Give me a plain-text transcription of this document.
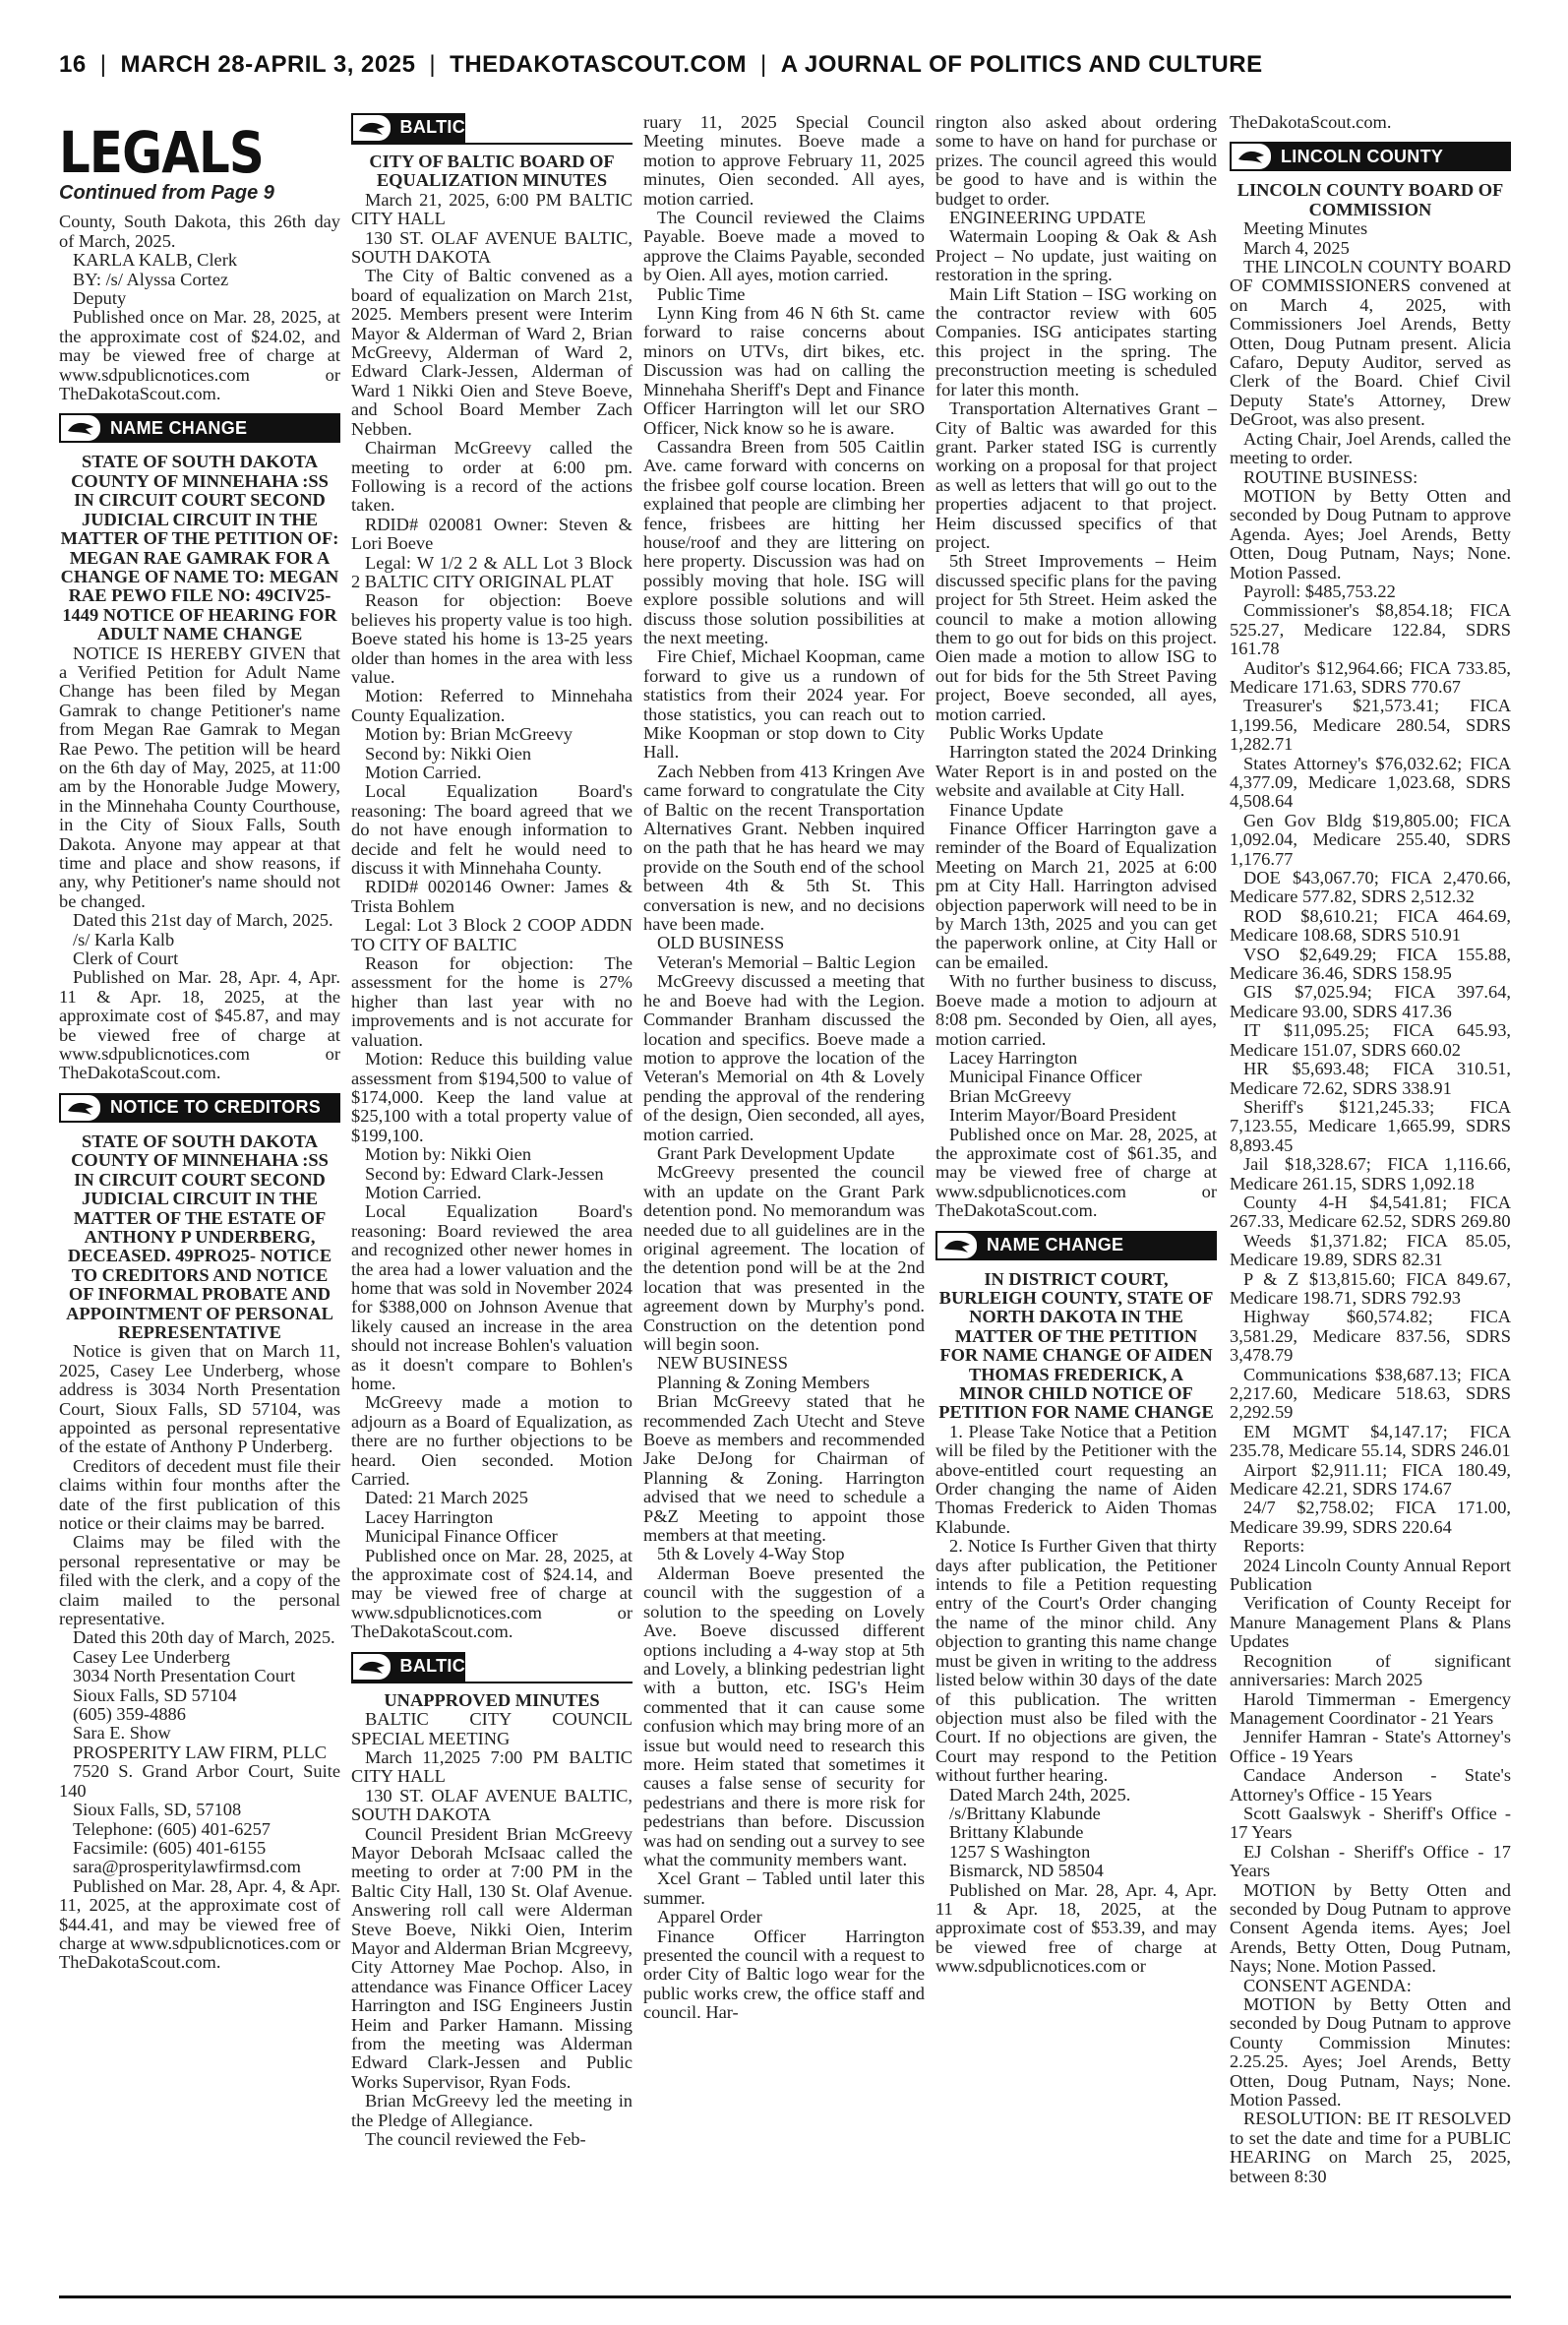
16 | MARCH 28-APRIL 3, 2025 | THEDAKOTASCOUT.COM | A JOURNAL OF POLITICS AND CULTURE
LEGALS
Continued from Page 9

County, South Dakota, this 26th day of March, 2025.

KARLA KALB, Clerk

BY: /s/ Alyssa Cortez

Deputy

Published once on Mar. 28, 2025, at the approximate cost of $24.02, and may be viewed free of charge at www.sdpublicnotices.com or TheDakotaScout.com.

NAME CHANGE

STATE OF SOUTH DAKOTA COUNTY OF MINNEHAHA :SS IN CIRCUIT COURT SECOND JUDICIAL CIRCUIT IN THE MATTER OF THE PETITION OF: MEGAN RAE GAMRAK FOR A CHANGE OF NAME TO: MEGAN RAE PEWO FILE NO: 49CIV25-1449 NOTICE OF HEARING FOR ADULT NAME CHANGE

NOTICE IS HEREBY GIVEN that a Verified Petition for Adult Name Change has been filed by Megan Gamrak to change Petitioner's name from Megan Rae Gamrak to Megan Rae Pewo. The petition will be heard on the 6th day of May, 2025, at 11:00 am by the Honorable Judge Mowery, in the Minnehaha County Courthouse, in the City of Sioux Falls, South Dakota. Anyone may appear at that time and place and show reasons, if any, why Petitioner's name should not be changed.

Dated this 21st day of March, 2025.

/s/ Karla Kalb

Clerk of Court

Published on Mar. 28, Apr. 4, Apr. 11 & Apr. 18, 2025, at the approximate cost of $45.87, and may be viewed free of charge at www.sdpublicnotices.com or TheDakotaScout.com.

NOTICE TO CREDITORS

STATE OF SOUTH DAKOTA COUNTY OF MINNEHAHA :SS IN CIRCUIT COURT SECOND JUDICIAL CIRCUIT IN THE MATTER OF THE ESTATE OF ANTHONY P UNDERBERG, DECEASED. 49PRO25- NOTICE TO CREDITORS AND NOTICE OF INFORMAL PROBATE AND APPOINTMENT OF PERSONAL REPRESENTATIVE

Notice is given that on March 11, 2025, Casey Lee Underberg, whose address is 3034 North Presentation Court, Sioux Falls, SD 57104, was appointed as personal representative of the estate of Anthony P Underberg.

Creditors of decedent must file their claims within four months after the date of the first publication of this notice or their claims may be barred.

Claims may be filed with the personal representative or may be filed with the clerk, and a copy of the claim mailed to the personal representative.

Dated this 20th day of March, 2025.

Casey Lee Underberg

3034 North Presentation Court

Sioux Falls, SD 57104

(605) 359-4886

Sara E. Show

PROSPERITY LAW FIRM, PLLC

7520 S. Grand Arbor Court, Suite 140

Sioux Falls, SD, 57108

Telephone: (605) 401-6257

Facsimile: (605) 401-6155

sara@prosperitylawfirmsd.com

Published on Mar. 28, Apr. 4, & Apr. 11, 2025, at the approximate cost of $44.41, and may be viewed free of charge at www.sdpublicnotices.com or TheDakotaScout.com.

BALTIC

CITY OF BALTIC BOARD OF EQUALIZATION MINUTES

March 21, 2025, 6:00 PM BALTIC CITY HALL

130 ST. OLAF AVENUE BALTIC, SOUTH DAKOTA

The City of Baltic convened as a board of equalization on March 21st, 2025. Members present were Interim Mayor & Alderman of Ward 2, Brian McGreevy, Alderman of Ward 2, Edward Clark-Jessen, Alderman of Ward 1 Nikki Oien and Steve Boeve, and School Board Member Zach Nebben.

Chairman McGreevy called the meeting to order at 6:00 pm. Following is a record of the actions taken.

RDID# 020081 Owner: Steven & Lori Boeve

Legal: W 1/2 2 & ALL Lot 3 Block 2 BALTIC CITY ORIGINAL PLAT

Reason for objection: Boeve believes his property value is too high. Boeve stated his home is 13-25 years older than homes in the area with less value.

Motion: Referred to Minnehaha County Equalization.

Motion by: Brian McGreevy

Second by: Nikki Oien

Motion Carried.

Local Equalization Board's reasoning: The board agreed that we do not have enough information to decide and felt he would need to discuss it with Minnehaha County.

RDID# 0020146 Owner: James & Trista Bohlem

Legal: Lot 3 Block 2 COOP ADDN TO CITY OF BALTIC

Reason for objection: The assessment for the home is 27% higher than last year with no improvements and is not accurate for valuation.

Motion: Reduce this building value assessment from $194,500 to value of $174,000. Keep the land value at $25,100 with a total property value of $199,100.

Motion by: Nikki Oien

Second by: Edward Clark-Jessen

Motion Carried.

Local Equalization Board's reasoning: Board reviewed the area and recognized other newer homes in the area had a lower valuation and the home that was sold in November 2024 for $388,000 on Johnson Avenue that likely caused an increase in the area should not increase Bohlen's valuation as it doesn't compare to Bohlen's home.

McGreevy made a motion to adjourn as a Board of Equalization, as there are no further objections to be heard. Oien seconded. Motion Carried.

Dated: 21 March 2025

Lacey Harrington

Municipal Finance Officer

Published once on Mar. 28, 2025, at the approximate cost of $24.14, and may be viewed free of charge at www.sdpublicnotices.com or TheDakotaScout.com.

BALTIC

UNAPPROVED MINUTES

BALTIC CITY COUNCIL SPECIAL MEETING

March 11,2025 7:00 PM BALTIC CITY HALL

130 ST. OLAF AVENUE BALTIC, SOUTH DAKOTA

Council President Brian McGreevy Mayor Deborah McIsaac called the meeting to order at 7:00 PM in the Baltic City Hall, 130 St. Olaf Avenue. Answering roll call were Alderman Steve Boeve, Nikki Oien, Interim Mayor and Alderman Brian Mcgreevy, City Attorney Mae Pochop. Also, in attendance was Finance Officer Lacey Harrington and ISG Engineers Justin Heim and Parker Hamann. Missing from the meeting was Alderman Edward Clark-Jessen and Public Works Supervisor, Ryan Fods.

Brian McGreevy led the meeting in the Pledge of Allegiance.

The council reviewed the Feb-

ruary 11, 2025 Special Council Meeting minutes. Boeve made a motion to approve February 11, 2025 minutes, Oien seconded. All ayes, motion carried.

The Council reviewed the Claims Payable. Boeve made a moved to approve the Claims Payable, seconded by Oien. All ayes, motion carried.

Public Time

Lynn King from 46 N 6th St. came forward to raise concerns about minors on UTVs, dirt bikes, etc. Discussion was had on calling the Minnehaha Sheriff's Dept and Finance Officer Harrington will let our SRO Officer, Nick know so he is aware.

Cassandra Breen from 505 Caitlin Ave. came forward with concerns on the frisbee golf course location. Breen explained that people are climbing her fence, frisbees are hitting her house/roof and they are littering on here property. Discussion was had on possibly moving that hole. ISG will explore possible solutions and will discuss those solution possibilities at the next meeting.

Fire Chief, Michael Koopman, came forward to give us a rundown of statistics from their 2024 year. For those statistics, you can reach out to Mike Koopman or stop down to City Hall.

Zach Nebben from 413 Kringen Ave came forward to congratulate the City of Baltic on the recent Transportation Alternatives Grant. Nebben inquired on the path that he has heard we may provide on the South end of the school between 4th & 5th St. This conversation is new, and no decisions have been made.

OLD BUSINESS

Veteran's Memorial – Baltic Legion

McGreevy discussed a meeting that he and Boeve had with the Legion. Commander Branham discussed the location and specifics. Boeve made a motion to approve the location of the Veteran's Memorial on 4th & Lovely pending the approval of the rendering of the design, Oien seconded, all ayes, motion carried.

Grant Park Development Update

McGreevy presented the council with an update on the Grant Park detention pond. No memorandum was needed due to all guidelines are in the original agreement. The location of the detention pond will be at the 2nd location that was presented in the agreement down by Murphy's pond. Construction on the detention pond will begin soon.

NEW BUSINESS

Planning & Zoning Members

Brian McGreevy stated that he recommended Zach Utecht and Steve Boeve as members and recommended Jake DeJong for Chairman of Planning & Zoning. Harrington advised that we need to schedule a P&Z Meeting to appoint those members at that meeting.

5th & Lovely 4-Way Stop

Alderman Boeve presented the council with the suggestion of a solution to the speeding on Lovely Ave. Boeve discussed different options including a 4-way stop at 5th and Lovely, a blinking pedestrian light with a button, etc. ISG's Heim commented that it can cause some confusion which may bring more of an issue but would need to research this more. Heim stated that sometimes it causes a false sense of security for pedestrians and there is more risk for pedestrians than before. Discussion was had on sending out a survey to see what the community members want.

Xcel Grant – Tabled until later this summer.

Apparel Order

Finance Officer Harrington presented the council with a request to order City of Baltic logo wear for the public works crew, the office staff and council. Har-

rington also asked about ordering some to have on hand for purchase or prizes. The council agreed this would be good to have and is within the budget to order.

ENGINEERING UPDATE

Watermain Looping & Oak & Ash Project – No update, just waiting on restoration in the spring.

Main Lift Station – ISG working on the contractor review with 605 Companies. ISG anticipates starting this project in the spring. The preconstruction meeting is scheduled for later this month.

Transportation Alternatives Grant – City of Baltic was awarded for this grant. Parker stated ISG is currently working on a proposal for that project as well as letters that will go out to the properties adjacent to that project. Heim discussed specifics of that project.

5th Street Improvements – Heim discussed specific plans for the paving project for 5th Street. Heim asked the council to make a motion allowing them to go out for bids on this project. Oien made a motion to allow ISG to out for bids for the 5th Street Paving project, Boeve seconded, all ayes, motion carried.

Public Works Update

Harrington stated the 2024 Drinking Water Report is in and posted on the website and available at City Hall.

Finance Update

Finance Officer Harrington gave a reminder of the Board of Equalization Meeting on March 21, 2025 at 6:00 pm at City Hall. Harrington advised objection paperwork will need to be in by March 13th, 2025 and you can get the paperwork online, at City Hall or can be emailed.

With no further business to discuss, Boeve made a motion to adjourn at 8:08 pm. Seconded by Oien, all ayes, motion carried.

Lacey Harrington

Municipal Finance Officer

Brian McGreevy

Interim Mayor/Board President

Published once on Mar. 28, 2025, at the approximate cost of $61.35, and may be viewed free of charge at www.sdpublicnotices.com or TheDakotaScout.com.

NAME CHANGE

IN DISTRICT COURT, BURLEIGH COUNTY, STATE OF NORTH DAKOTA IN THE MATTER OF THE PETITION FOR NAME CHANGE OF AIDEN THOMAS FREDERICK, A MINOR CHILD NOTICE OF PETITION FOR NAME CHANGE

1. Please Take Notice that a Petition will be filed by the Petitioner with the above-entitled court requesting an Order changing the name of Aiden Thomas Frederick to Aiden Thomas Klabunde.

2. Notice Is Further Given that thirty days after publication, the Petitioner intends to file a Petition requesting entry of the Court's Order changing the name of the minor child. Any objection to granting this name change must be given in writing to the address listed below within 30 days of the date of this publication. The written objection must also be filed with the Court. If no objections are given, the Court may respond to the Petition without further hearing.

Dated March 24th, 2025.

/s/Brittany Klabunde

Brittany Klabunde

1257 S Washington

Bismarck, ND 58504

Published on Mar. 28, Apr. 4, Apr. 11 & Apr. 18, 2025, at the approximate cost of $53.39, and may be viewed free of charge at www.sdpublicnotices.com or

TheDakotaScout.com.

LINCOLN COUNTY

LINCOLN COUNTY BOARD OF COMMISSION

Meeting Minutes

March 4, 2025

THE LINCOLN COUNTY BOARD OF COMMISSIONERS convened at on March 4, 2025, with Commissioners Joel Arends, Betty Otten, Doug Putnam present. Alicia Cafaro, Deputy Auditor, served as Clerk of the Board. Chief Civil Deputy State's Attorney, Drew DeGroot, was also present.

Acting Chair, Joel Arends, called the meeting to order.

ROUTINE BUSINESS:

MOTION by Betty Otten and seconded by Doug Putnam to approve Agenda. Ayes; Joel Arends, Betty Otten, Doug Putnam, Nays; None. Motion Passed.

Payroll: $485,753.22

Commissioner's $8,854.18; FICA 525.27, Medicare 122.84, SDRS 161.78

Auditor's $12,964.66; FICA 733.85, Medicare 171.63, SDRS 770.67

Treasurer's $21,573.41; FICA 1,199.56, Medicare 280.54, SDRS 1,282.71

States Attorney's $76,032.62; FICA 4,377.09, Medicare 1,023.68, SDRS 4,508.64

Gen Gov Bldg $19,805.00; FICA 1,092.04, Medicare 255.40, SDRS 1,176.77

DOE $43,067.70; FICA 2,470.66, Medicare 577.82, SDRS 2,512.32

ROD $8,610.21; FICA 464.69, Medicare 108.68, SDRS 510.91

VSO $2,649.29; FICA 155.88, Medicare 36.46, SDRS 158.95

GIS $7,025.94; FICA 397.64, Medicare 93.00, SDRS 417.36

IT $11,095.25; FICA 645.93, Medicare 151.07, SDRS 660.02

HR $5,693.48; FICA 310.51, Medicare 72.62, SDRS 338.91

Sheriff's $121,245.33; FICA 7,123.55, Medicare 1,665.99, SDRS 8,893.45

Jail $18,328.67; FICA 1,116.66, Medicare 261.15, SDRS 1,092.18

County 4-H $4,541.81; FICA 267.33, Medicare 62.52, SDRS 269.80

Weeds $1,371.82; FICA 85.05, Medicare 19.89, SDRS 82.31

P & Z $13,815.60; FICA 849.67, Medicare 198.71, SDRS 792.93

Highway $60,574.82; FICA 3,581.29, Medicare 837.56, SDRS 3,478.79

Communications $38,687.13; FICA 2,217.60, Medicare 518.63, SDRS 2,292.59

EM MGMT $4,147.17; FICA 235.78, Medicare 55.14, SDRS 246.01

Airport $2,911.11; FICA 180.49, Medicare 42.21, SDRS 174.67

24/7 $2,758.02; FICA 171.00, Medicare 39.99, SDRS 220.64

Reports:

2024 Lincoln County Annual Report Publication

Verification of County Receipt for Manure Management Plans & Plans Updates

Recognition of significant anniversaries: March 2025

Harold Timmerman - Emergency Management Coordinator - 21 Years

Jennifer Hamran - State's Attorney's Office - 19 Years

Candace Anderson - State's Attorney's Office - 15 Years

Scott Gaalswyk - Sheriff's Office - 17 Years

EJ Colshan - Sheriff's Office - 17 Years

MOTION by Betty Otten and seconded by Doug Putnam to approve Consent Agenda items. Ayes; Joel Arends, Betty Otten, Doug Putnam, Nays; None. Motion Passed.

CONSENT AGENDA:

MOTION by Betty Otten and seconded by Doug Putnam to approve County Commission Minutes: 2.25.25. Ayes; Joel Arends, Betty Otten, Doug Putnam, Nays; None. Motion Passed.

RESOLUTION: BE IT RESOLVED to set the date and time for a PUBLIC HEARING on March 25, 2025, between 8:30
